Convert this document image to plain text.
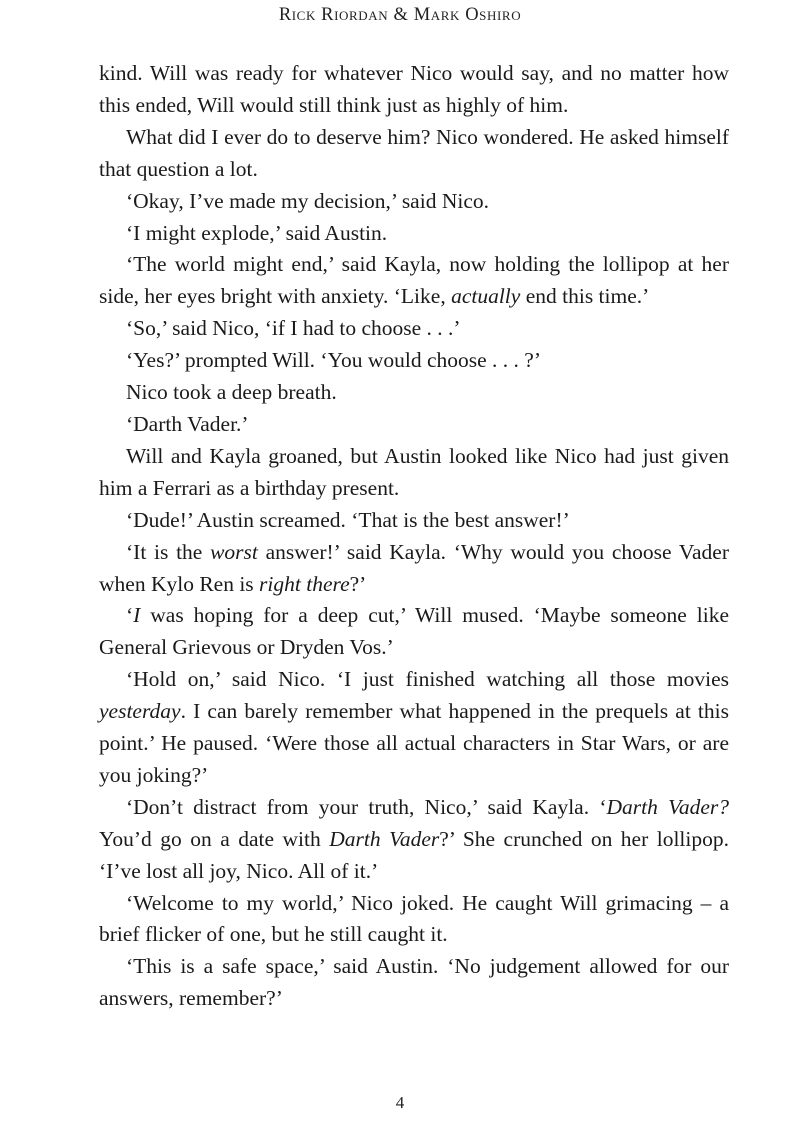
Rick Riordan & Mark Oshiro

kind. Will was ready for whatever Nico would say, and no matter how this ended, Will would still think just as highly of him.

What did I ever do to deserve him? Nico wondered. He asked himself that question a lot.

‘Okay, I’ve made my decision,’ said Nico.

‘I might explode,’ said Austin.

‘The world might end,’ said Kayla, now holding the lollipop at her side, her eyes bright with anxiety. ‘Like, actually end this time.’

‘So,’ said Nico, ‘if I had to choose . . .’

‘Yes?’ prompted Will. ‘You would choose . . . ?’

Nico took a deep breath.

‘Darth Vader.’

Will and Kayla groaned, but Austin looked like Nico had just given him a Ferrari as a birthday present.

‘Dude!’ Austin screamed. ‘That is the best answer!’

‘It is the worst answer!’ said Kayla. ‘Why would you choose Vader when Kylo Ren is right there?’

‘I was hoping for a deep cut,’ Will mused. ‘Maybe someone like General Grievous or Dryden Vos.’

‘Hold on,’ said Nico. ‘I just finished watching all those movies yesterday. I can barely remember what happened in the prequels at this point.’ He paused. ‘Were those all actual characters in Star Wars, or are you joking?’

‘Don’t distract from your truth, Nico,’ said Kayla. ‘Darth Vader? You’d go on a date with Darth Vader?’ She crunched on her lollipop. ‘I’ve lost all joy, Nico. All of it.’

‘Welcome to my world,’ Nico joked. He caught Will grimacing – a brief flicker of one, but he still caught it.

‘This is a safe space,’ said Austin. ‘No judgement allowed for our answers, remember?’

4
